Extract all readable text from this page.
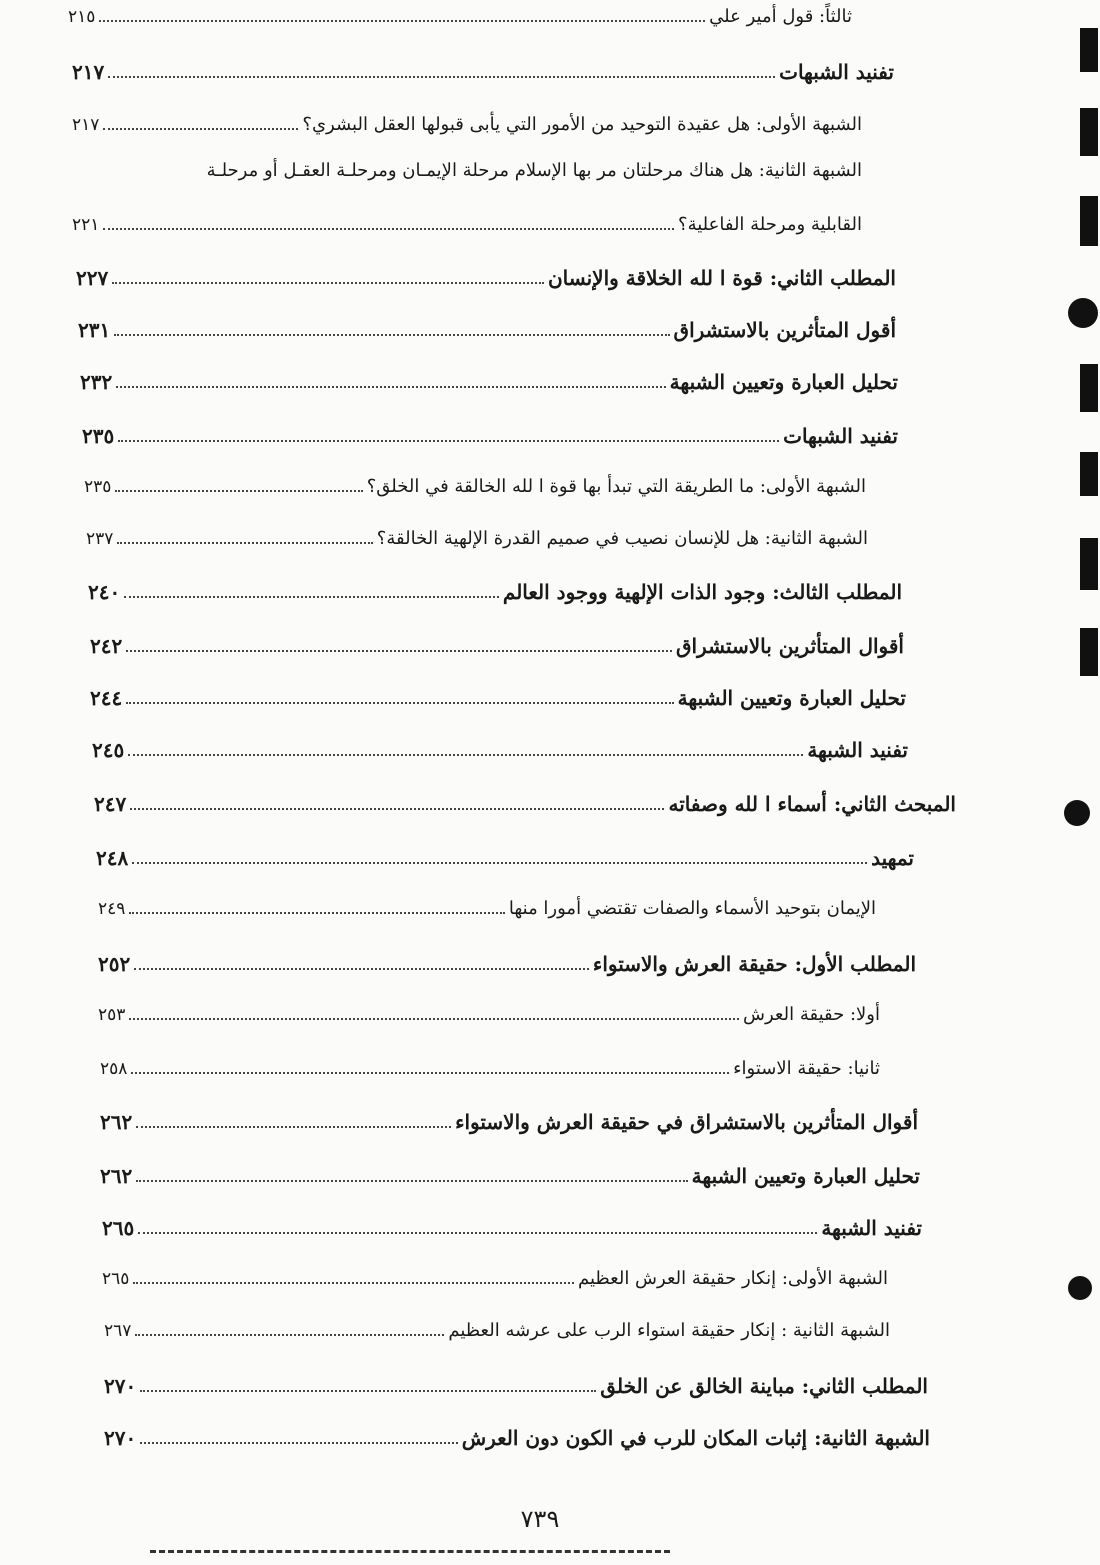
ثالثاً: قول أمير علي
٢١٥
تفنيد الشبهات
٢١٧
الشبهة الأولى: هل عقيدة التوحيد من الأمور التي يأبى قبولها العقل البشري؟
٢١٧
الشبهة الثانية: هل هناك مرحلتان مر بها الإسلام مرحلة الإيمـان ومرحلـة العقـل أو مرحلـة
القابلية ومرحلة الفاعلية؟
٢٢١
المطلب الثاني: قوة ا لله الخلاقة والإنسان
٢٢٧
أقول المتأثرين بالاستشراق
٢٣١
تحليل العبارة وتعيين الشبهة
٢٣٢
تفنيد الشبهات
٢٣٥
الشبهة الأولى: ما الطريقة التي تبدأ بها قوة ا لله الخالقة في الخلق؟
٢٣٥
الشبهة الثانية: هل للإنسان نصيب في صميم القدرة الإلهية الخالقة؟
٢٣٧
المطلب الثالث: وجود الذات الإلهية ووجود العالم
٢٤٠
أقوال المتأثرين بالاستشراق
٢٤٢
تحليل العبارة وتعيين الشبهة
٢٤٤
تفنيد الشبهة
٢٤٥
المبحث الثاني: أسماء ا لله وصفاته
٢٤٧
تمهيد
٢٤٨
الإيمان بتوحيد الأسماء والصفات تقتضي أمورا منها
٢٤٩
المطلب الأول: حقيقة العرش والاستواء
٢٥٢
أولا: حقيقة العرش
٢٥٣
ثانيا: حقيقة الاستواء
٢٥٨
أقوال المتأثرين بالاستشراق في حقيقة العرش والاستواء
٢٦٢
تحليل العبارة وتعيين الشبهة
٢٦٢
تفنيد الشبهة
٢٦٥
الشبهة الأولى: إنكار حقيقة العرش العظيم
٢٦٥
الشبهة الثانية : إنكار حقيقة استواء الرب على عرشه العظيم
٢٦٧
المطلب الثاني: مباينة الخالق عن الخلق
٢٧٠
الشبهة الثانية: إثبات المكان للرب في الكون دون العرش
٢٧٠
٧٣٩
